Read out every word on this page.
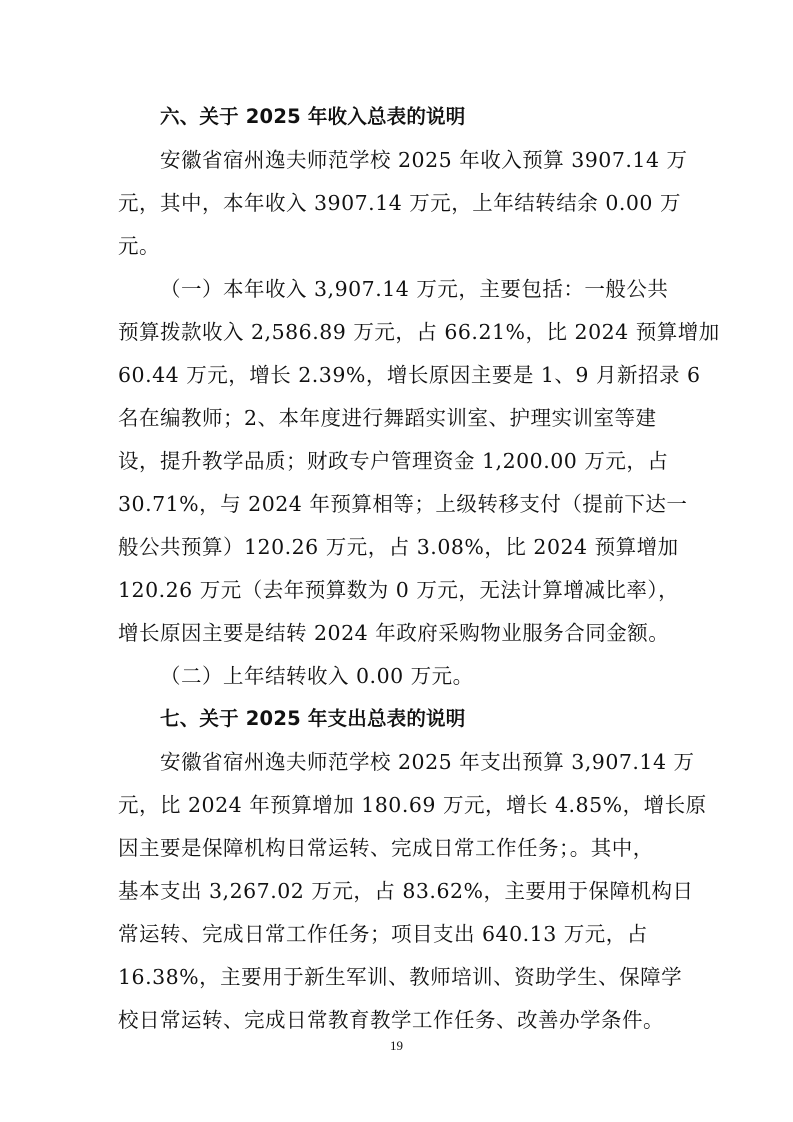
六、关于 2025 年收入总表的说明
安徽省宿州逸夫师范学校 2025 年收入预算 3907.14 万
元，其中，本年收入 3907.14 万元，上年结转结余 0.00 万
元。
（一）本年收入 3,907.14 万元，主要包括：一般公共
预算拨款收入 2,586.89 万元，占 66.21%，比 2024 预算增加
60.44 万元，增长 2.39%，增长原因主要是 1、9 月新招录 6
名在编教师；2、本年度进行舞蹈实训室、护理实训室等建
设，提升教学品质；财政专户管理资金 1,200.00 万元，占
30.71%，与 2024 年预算相等；上级转移支付（提前下达一
般公共预算）120.26 万元，占 3.08%，比 2024 预算增加
120.26 万元（去年预算数为 0 万元，无法计算增减比率），
增长原因主要是结转 2024 年政府采购物业服务合同金额。
（二）上年结转收入 0.00 万元。
七、关于 2025 年支出总表的说明
安徽省宿州逸夫师范学校 2025 年支出预算 3,907.14 万
元，比 2024 年预算增加 180.69 万元，增长 4.85%，增长原
因主要是保障机构日常运转、完成日常工作任务；。其中，
基本支出 3,267.02 万元，占 83.62%，主要用于保障机构日
常运转、完成日常工作任务；项目支出 640.13 万元，占
16.38%，主要用于新生军训、教师培训、资助学生、保障学
校日常运转、完成日常教育教学工作任务、改善办学条件。
19
